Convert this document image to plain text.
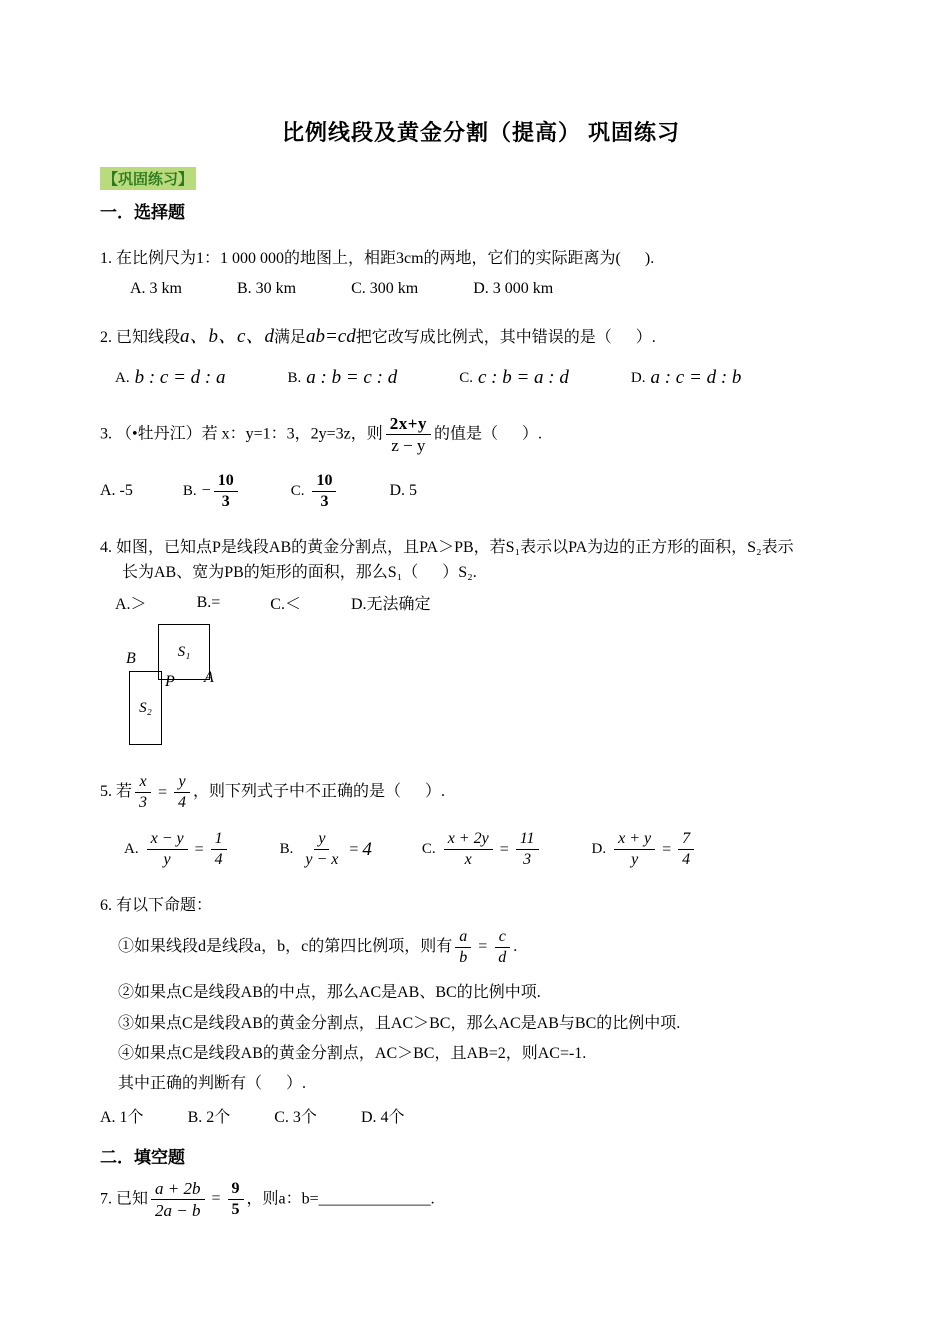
比例线段及黄金分割（提高） 巩固练习
【巩固练习】
一．选择题

1. 在比例尺为1：1 000 000的地图上，相距3cm的两地，它们的实际距离为(      ).

A. 3 km	B. 30 km	C. 300 km	D. 3 000 km

2. 已知线段a、b、c、d满足ab=cd把它改写成比例式，其中错误的是（      ）.

A. b : c = d : a	B. a : b = c : d	C. c : b = a : d	D. a : c = d : b

3. （•牡丹江）若 x：y=1：3，2y=3z，则 $\frac{2x+y}{z - y}$ 的值是（      ）.

A. -5	B. − $\frac{10}{3}$	C. $\frac{10}{3}$	D. 5

4. 如图，已知点P是线段AB的黄金分割点，且PA＞PB，若S₁表示以PA为边的正方形的面积，S₂表示

长为AB、宽为PB的矩形的面积，那么S₁（      ）S₂.

A.＞	B.=	C.＜	D.无法确定
S₁
S₂
B
P A

5. 若 $\frac{x}{3} = \frac{y}{4}$ ，则下列式子中不正确的是（      ）.

A. $\frac{x - y}{y} = \frac{1}{4}$	B. $\frac{y}{y - x} = 4$	C. $\frac{x + 2y}{x} = \frac{11}{3}$	D. $\frac{x + y}{y} = \frac{7}{4}$

6. 有以下命题：

①如果线段d是线段a，b，c的第四比例项，则有 $\frac{a}{b} = \frac{c}{d}$ .

②如果点C是线段AB的中点，那么AC是AB、BC的比例中项.

③如果点C是线段AB的黄金分割点，且AC＞BC，那么AC是AB与BC的比例中项.

④如果点C是线段AB的黄金分割点，AC＞BC，且AB=2，则AC=-1.

其中正确的判断有（      ）.

A. 1个	B. 2个	C. 3个	D. 4个
二．填空题

7. 已知 $\frac{a + 2b}{2a - b} = \frac{9}{5}$ ，则a：b=______________.
